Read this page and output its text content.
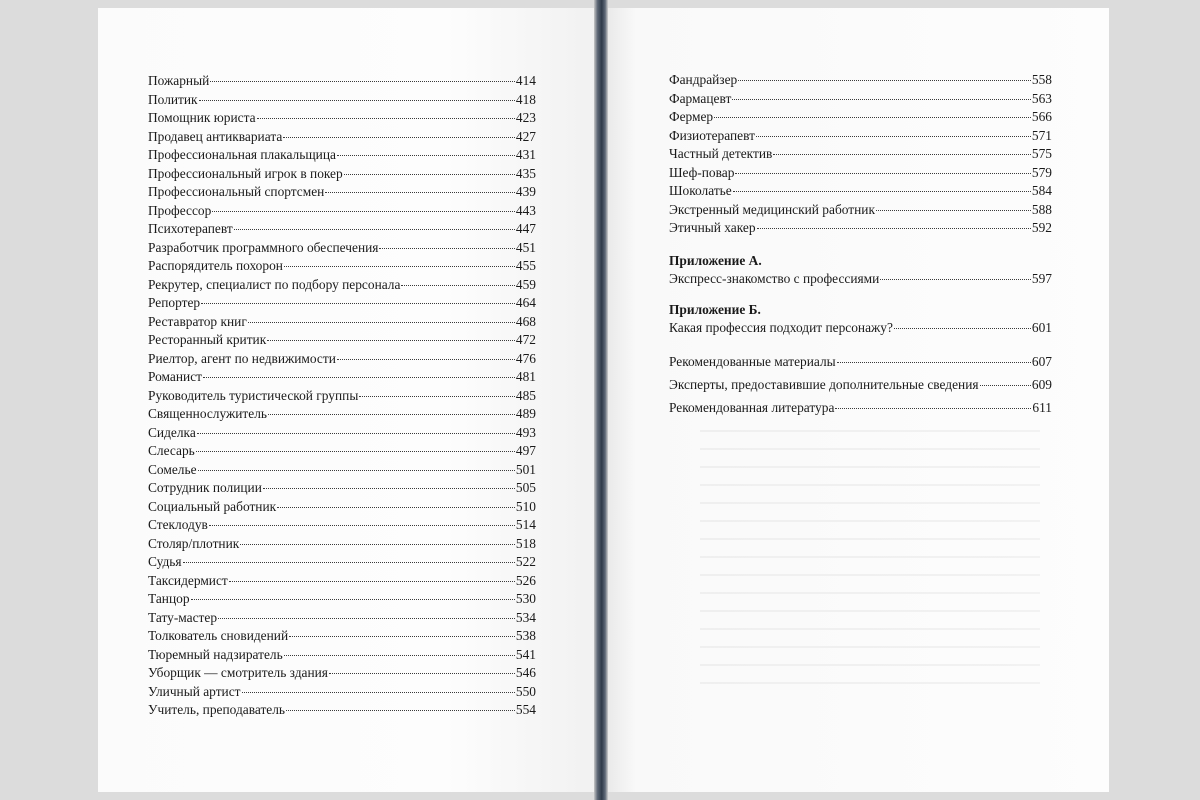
Пожарный	414
Политик	418
Помощник юриста	423
Продавец антиквариата	427
Профессиональная плакальщица	431
Профессиональный игрок в покер	435
Профессиональный спортсмен	439
Профессор	443
Психотерапевт	447
Разработчик программного обеспечения	451
Распорядитель похорон	455
Рекрутер, специалист по подбору персонала	459
Репортер	464
Реставратор книг	468
Ресторанный критик	472
Риелтор, агент по недвижимости	476
Романист	481
Руководитель туристической группы	485
Священнослужитель	489
Сиделка	493
Слесарь	497
Сомелье	501
Сотрудник полиции	505
Социальный работник	510
Стеклодув	514
Столяр/плотник	518
Судья	522
Таксидермист	526
Танцор	530
Тату-мастер	534
Толкователь сновидений	538
Тюремный надзиратель	541
Уборщик — смотритель здания	546
Уличный артист	550
Учитель, преподаватель	554
Фандрайзер	558
Фармацевт	563
Фермер	566
Физиотерапевт	571
Частный детектив	575
Шеф-повар	579
Шоколатье	584
Экстренный медицинский работник	588
Этичный хакер	592
Приложение А.
Экспресс-знакомство с профессиями	597
Приложение Б.
Какая профессия подходит персонажу?	601
Рекомендованные материалы	607
Эксперты, предоставившие дополнительные сведения	609
Рекомендованная литература	611
